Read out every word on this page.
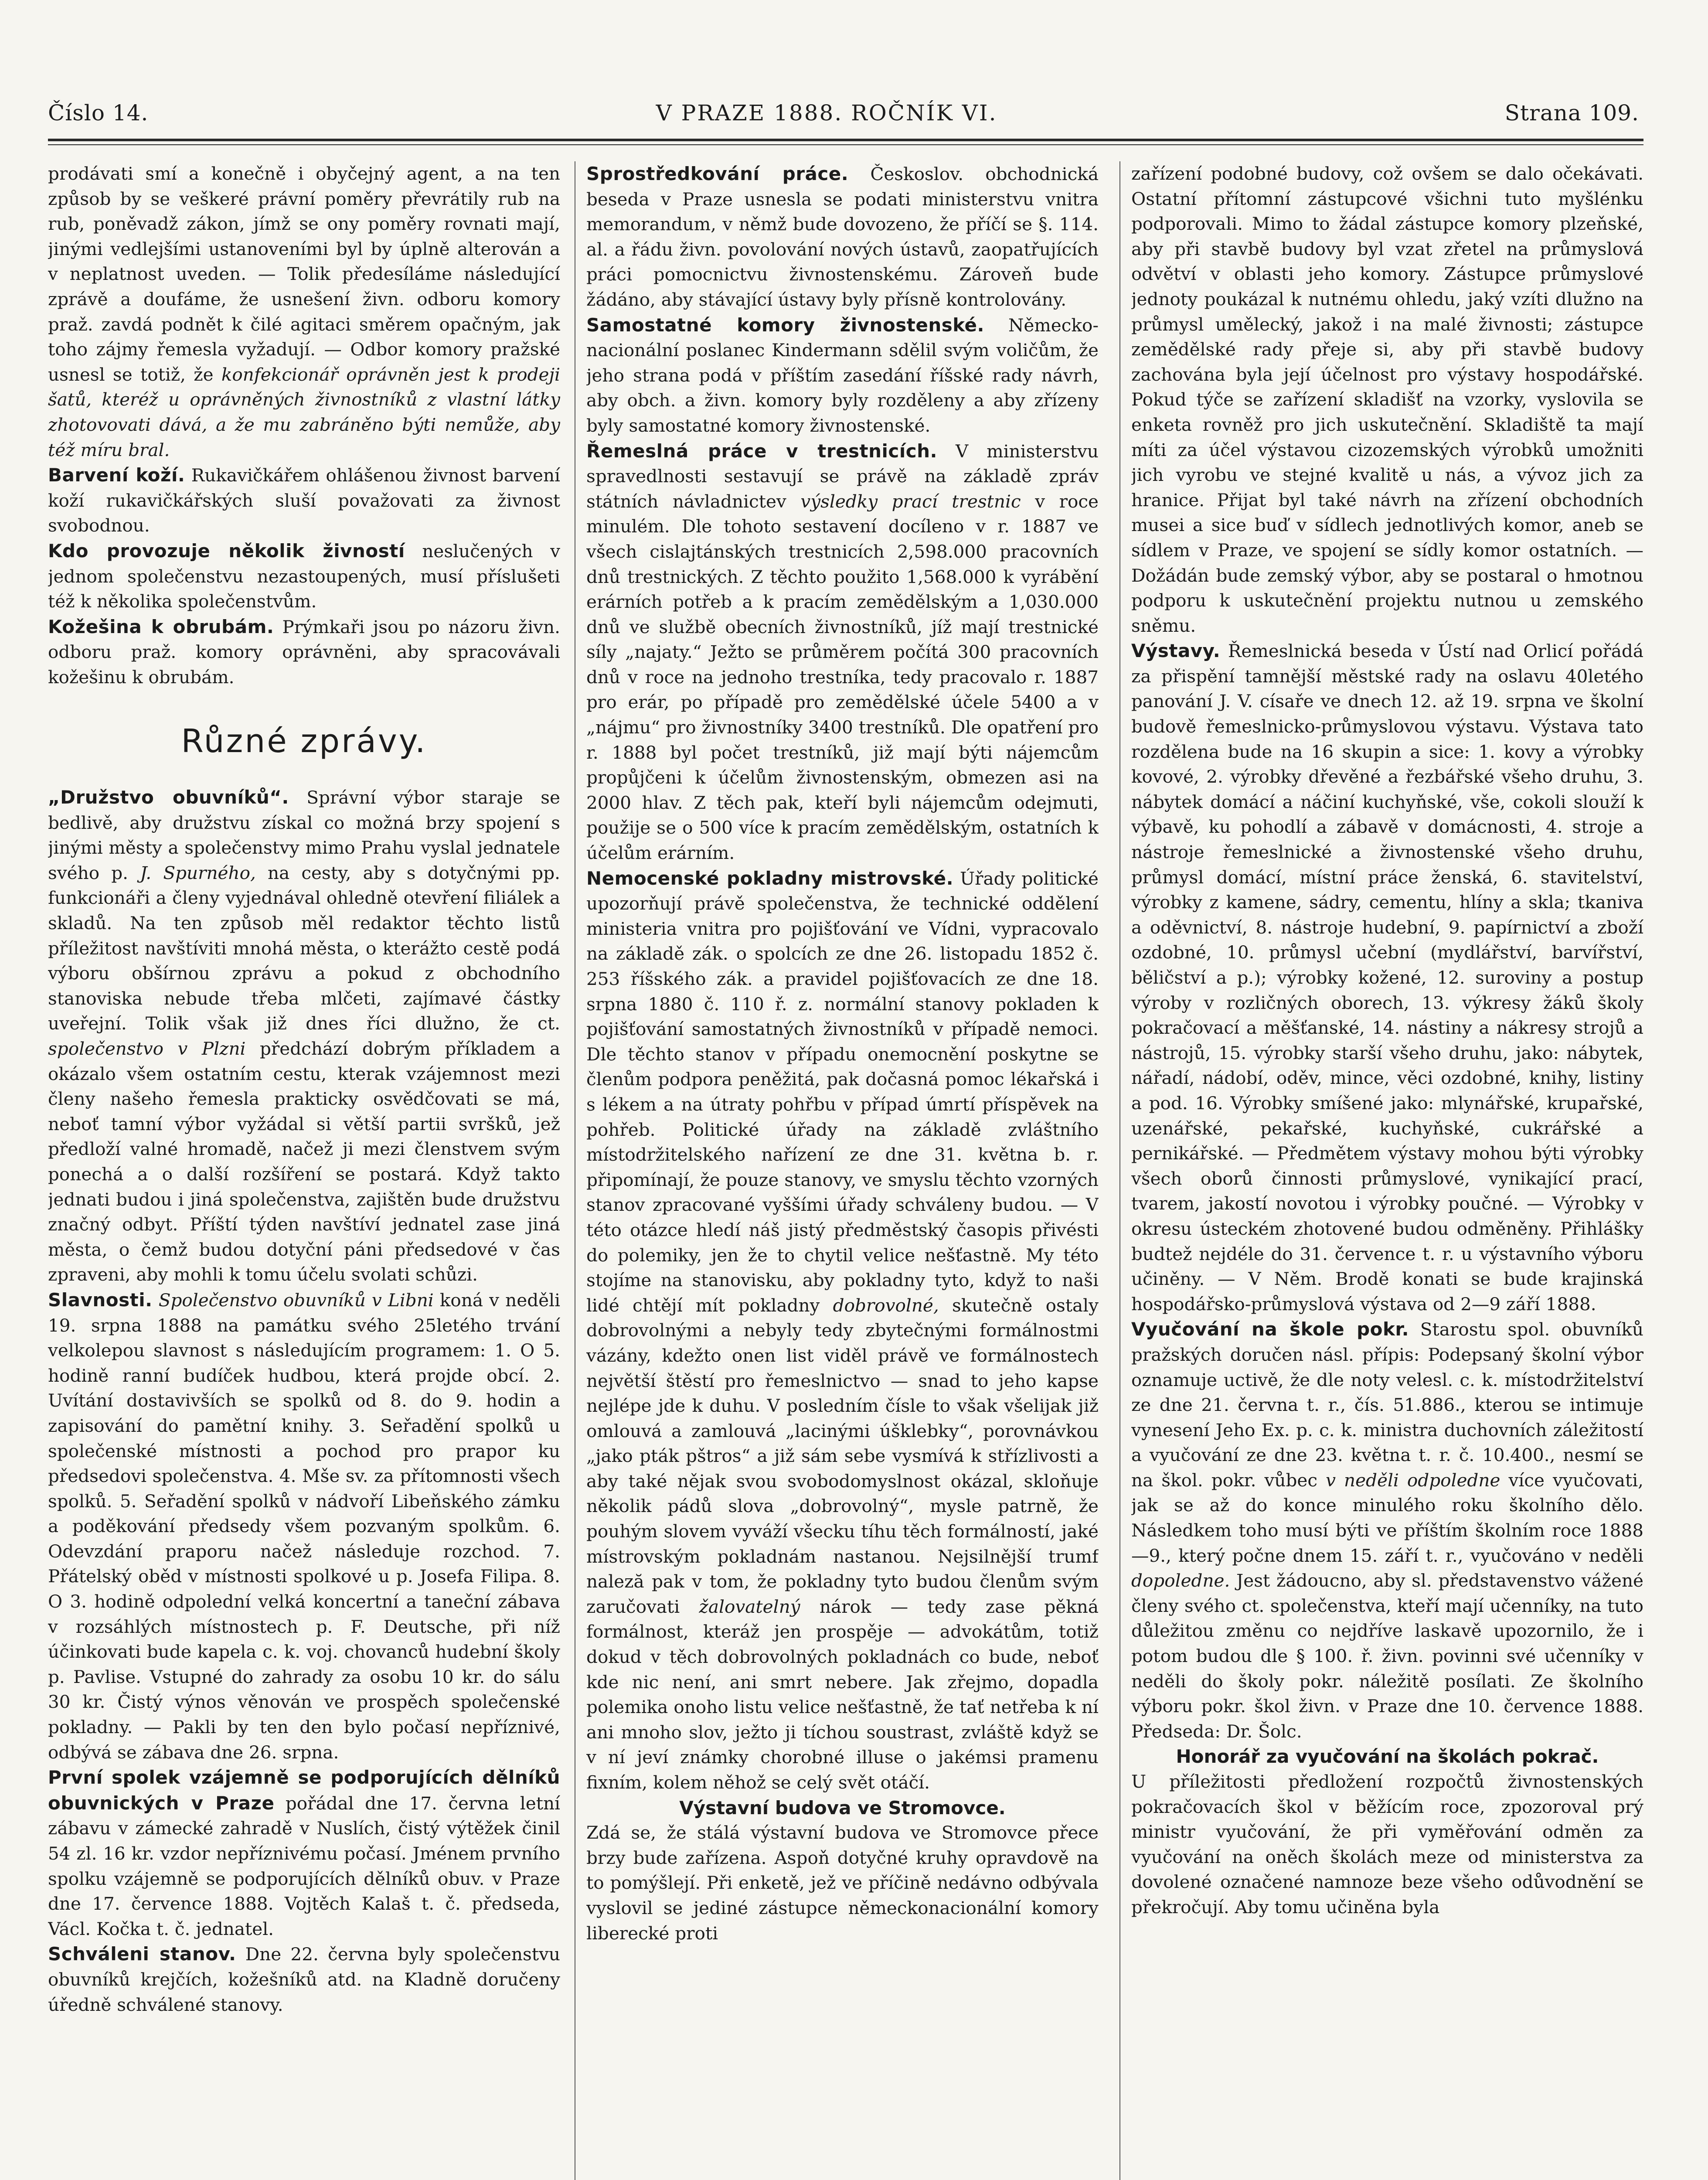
Číslo 14.	V PRAZE 1888. ROČNÍK VI.	Strana 109.

prodávati smí a konečně i obyčejný agent, a na ten způsob by se veškeré právní poměry převrátily rub na rub, poněvadž zákon, jímž se ony poměry rovnati mají, jinými vedlejšími ustanoveními byl by úplně alterován a v neplatnost uveden. — Tolik předesíláme následující zprávě a doufáme, že usnešení živn. odboru komory praž. zavdá podnět k čilé agitaci směrem opačným, jak toho zájmy řemesla vyžadují. — Odbor komory pražské usnesl se totiž, že konfekcionář oprávněn jest k prodeji šatů, kteréž u oprávněných živnostníků z vlastní látky zhotovovati dává, a že mu zabráněno býti nemůže, aby též míru bral.

Barvení koží. Rukavičkářem ohlášenou živnost barvení koží rukavičkářských sluší považovati za živnost svobodnou.

Kdo provozuje několik živností neslučených v jednom společenstvu nezastoupených, musí příslušeti též k několika společenstvům.

Kožešina k obrubám. Prýmkaři jsou po názoru živn. odboru praž. komory oprávněni, aby spracovávali kožešinu k obrubám.

Různé zprávy.

„Družstvo obuvníků“. Správní výbor staraje se bedlivě, aby družstvu získal co možná brzy spojení s jinými městy a společenstvy mimo Prahu vyslal jednatele svého p. J. Spurného, na cesty, aby s dotyčnými pp. funkcionáři a členy vyjednával ohledně otevření filiálek a skladů. Na ten způsob měl redaktor těchto listů příležitost navštíviti mnohá města, o kterážto cestě podá výboru obšírnou zprávu a pokud z obchodního stanoviska nebude třeba mlčeti, zajímavé částky uveřejní. Tolik však již dnes říci dlužno, že ct. společenstvo v Plzni předchází dobrým příkladem a okázalo všem ostatním cestu, kterak vzájemnost mezi členy našeho řemesla prakticky osvědčovati se má, neboť tamní výbor vyžádal si větší partii svršků, jež předloží valné hromadě, načež ji mezi členstvem svým ponechá a o další rozšíření se postará. Když takto jednati budou i jiná společenstva, zajištěn bude družstvu značný odbyt. Příští týden navštíví jednatel zase jiná města, o čemž budou dotyční páni předsedové v čas zpraveni, aby mohli k tomu účelu svolati schůzi.

Slavnosti. Společenstvo obuvníků v Libni koná v neděli 19. srpna 1888 na památku svého 25letého trvání velkolepou slavnost s následujícím programem: 1. O 5. hodině ranní budíček hudbou, která projde obcí. 2. Uvítání dostavivších se spolků od 8. do 9. hodin a zapisování do pamětní knihy. 3. Seřadění spolků u společenské místnosti a pochod pro prapor ku předsedovi společenstva. 4. Mše sv. za přítomnosti všech spolků. 5. Seřadění spolků v nádvoří Libeňského zámku a poděkování předsedy všem pozvaným spolkům. 6. Odevzdání praporu načež následuje rozchod. 7. Přátelský oběd v místnosti spolkové u p. Josefa Filipa. 8. O 3. hodině odpolední velká koncertní a taneční zábava v rozsáhlých místnostech p. F. Deutsche, při níž účinkovati bude kapela c. k. voj. chovanců hudební školy p. Pavlise. Vstupné do zahrady za osobu 10 kr. do sálu 30 kr. Čistý výnos věnován ve prospěch společenské pokladny. — Pakli by ten den bylo počasí nepříznivé, odbývá se zábava dne 26. srpna.

První spolek vzájemně se podporujících dělníků obuvnických v Praze pořádal dne 17. června letní zábavu v zámecké zahradě v Nuslích, čistý výtěžek činil 54 zl. 16 kr. vzdor nepříznivému počasí. Jménem prvního spolku vzájemně se podporujících dělníků obuv. v Praze dne 17. července 1888. Vojtěch Kalaš t. č. předseda, Václ. Kočka t. č. jednatel.

Schváleni stanov. Dne 22. června byly společenstvu obuvníků krejčích, kožešníků atd. na Kladně doručeny úředně schválené stanovy.

Sprostředkování práce. Českoslov. obchodnická beseda v Praze usnesla se podati ministerstvu vnitra memorandum, v němž bude dovozeno, že příčí se §. 114. al. a řádu živn. povolování nových ústavů, zaopatřujících práci pomocnictvu živnostenskému. Zároveň bude žádáno, aby stávající ústavy byly přísně kontrolovány.

Samostatné komory živnostenské. Německo-nacionální poslanec Kindermann sdělil svým voličům, že jeho strana podá v příštím zasedání říšské rady návrh, aby obch. a živn. komory byly rozděleny a aby zřízeny byly samostatné komory živnostenské.

Řemeslná práce v trestnicích. V ministerstvu spravedlnosti sestavují se právě na základě zpráv státních návladnictev výsledky prací trestnic v roce minulém. Dle tohoto sestavení docíleno v r. 1887 ve všech cislajtánských trestnicích 2,598.000 pracovních dnů trestnických. Z těchto použito 1,568.000 k vyrábění erárních potřeb a k pracím zemědělským a 1,030.000 dnů ve službě obecních živnostníků, jíž mají trestnické síly „najaty.“ Ježto se průměrem počítá 300 pracovních dnů v roce na jednoho trestníka, tedy pracovalo r. 1887 pro erár, po případě pro zemědělské účele 5400 a v „nájmu“ pro živnostníky 3400 trestníků. Dle opatření pro r. 1888 byl počet trestníků, již mají býti nájemcům propůjčeni k účelům živnostenským, obmezen asi na 2000 hlav. Z těch pak, kteří byli nájemcům odejmuti, použije se o 500 více k pracím zemědělským, ostatních k účelům erárním.

Nemocenské pokladny mistrovské. Úřady politické upozorňují právě společenstva, že technické oddělení ministeria vnitra pro pojišťování ve Vídni, vypracovalo na základě zák. o spolcích ze dne 26. listopadu 1852 č. 253 říšského zák. a pravidel pojišťovacích ze dne 18. srpna 1880 č. 110 ř. z. normální stanovy pokladen k pojišťování samostatných živnostníků v případě nemoci. Dle těchto stanov v případu onemocnění poskytne se členům podpora peněžitá, pak dočasná pomoc lékařská i s lékem a na útraty pohřbu v případ úmrtí příspěvek na pohřeb. Politické úřady na základě zvláštního místodržitelského nařízení ze dne 31. května b. r. připomínají, že pouze stanovy, ve smyslu těchto vzorných stanov zpracované vyššími úřady schváleny budou. — V této otázce hledí náš jistý předměstský časopis přivésti do polemiky, jen že to chytil velice nešťastně. My této stojíme na stanovisku, aby pokladny tyto, když to naši lidé chtějí mít pokladny dobrovolné, skutečně ostaly dobrovolnými a nebyly tedy zbytečnými formálnostmi vázány, kdežto onen list viděl právě ve formálnostech největší štěstí pro řemeslnictvo — snad to jeho kapse nejlépe jde k duhu. V posledním čísle to však všelijak již omlouvá a zamlouvá „lacinými úšklebky“, porovnávkou „jako pták pštros“ a již sám sebe vysmívá k střízlivosti a aby také nějak svou svobodomyslnost okázal, skloňuje několik pádů slova „dobrovolný“, mysle patrně, že pouhým slovem vyváží všecku tíhu těch formálností, jaké místrovským pokladnám nastanou. Nejsilnější trumf naleză pak v tom, že pokladny tyto budou členům svým zaručovati žalovatelný nárok — tedy zase pěkná formálnost, kteráž jen prospěje — advokátům, totiž dokud v těch dobrovolných pokladnách co bude, neboť kde nic není, ani smrt nebere. Jak zřejmo, dopadla polemika onoho listu velice nešťastně, že tať netřeba k ní ani mnoho slov, ježto ji tíchou soustrast, zvláště když se v ní jeví známky chorobné illuse o jakémsi pramenu fixním, kolem něhož se celý svět otáčí.

Výstavní budova ve Stromovce.
Zdá se, že stálá výstavní budova ve Stromovce přece brzy bude zařízena. Aspoň dotyčné kruhy opravdově na to pomýšlejí. Při enketě, jež ve příčině nedávno odbývala vyslovil se jediné zástupce německonacionální komory liberecké proti

zařízení podobné budovy, což ovšem se dalo očekávati. Ostatní přítomní zástupcové všichni tuto myšlénku podporovali. Mimo to žádal zástupce komory plzeňské, aby při stavbě budovy byl vzat zřetel na průmyslová odvětví v oblasti jeho komory. Zástupce průmyslové jednoty poukázal k nutnému ohledu, jaký vzíti dlužno na průmysl umělecký, jakož i na malé živnosti; zástupce zemědělské rady přeje si, aby při stavbě budovy zachována byla její účelnost pro výstavy hospodářské. Pokud týče se zařízení skladišť na vzorky, vyslovila se enketa rovněž pro jich uskutečnění. Skladiště ta mají míti za účel výstavou cizozemských výrobků umožniti jich vyrobu ve stejné kvalitě u nás, a vývoz jich za hranice. Přijat byl také návrh na zřízení obchodních musei a sice buď v sídlech jednotlivých komor, aneb se sídlem v Praze, ve spojení se sídly komor ostatních. — Dožádán bude zemský výbor, aby se postaral o hmotnou podporu k uskutečnění projektu nutnou u zemského sněmu.

Výstavy. Řemeslnická beseda v Ústí nad Orlicí pořádá za přispění tamnější městské rady na oslavu 40letého panování J. V. císaře ve dnech 12. až 19. srpna ve školní budově řemeslnicko-průmyslovou výstavu. Výstava tato rozdělena bude na 16 skupin a sice: 1. kovy a výrobky kovové, 2. výrobky dřevěné a řezbářské všeho druhu, 3. nábytek domácí a náčiní kuchyňské, vše, cokoli slouží k výbavě, ku pohodlí a zábavě v domácnosti, 4. stroje a nástroje řemeslnické a živnostenské všeho druhu, průmysl domácí, místní práce ženská, 6. stavitelství, výrobky z kamene, sádry, cementu, hlíny a skla; tkaniva a oděvnictví, 8. nástroje hudební, 9. papírnictví a zboží ozdobné, 10. průmysl učební (mydlářství, barvířství, běličství a p.); výrobky kožené, 12. suroviny a postup výroby v rozličných oborech, 13. výkresy žáků školy pokračovací a měšťanské, 14. nástiny a nákresy strojů a nástrojů, 15. výrobky starší všeho druhu, jako: nábytek, nářadí, nádobí, oděv, mince, věci ozdobné, knihy, listiny a pod. 16. Výrobky smíšené jako: mlynářské, krupařské, uzenářské, pekařské, kuchyňské, cukrářské a pernikářské. — Předmětem výstavy mohou býti výrobky všech oborů činnosti průmyslové, vynikající prací, tvarem, jakostí novotou i výrobky poučné. — Výrobky v okresu ústeckém zhotovené budou odměněny. Přihlášky budtež nejdéle do 31. července t. r. u výstavního výboru učiněny. — V Něm. Brodě konati se bude krajinská hospodářsko-průmyslová výstava od 2—9 září 1888.

Vyučování na škole pokr. Starostu spol. obuvníků pražských doručen násl. přípis: Podepsaný školní výbor oznamuje uctivě, že dle noty velesl. c. k. místodržitelství ze dne 21. června t. r., čís. 51.886., kterou se intimuje vynesení Jeho Ex. p. c. k. ministra duchovních záležitostí a vyučování ze dne 23. května t. r. č. 10.400., nesmí se na škol. pokr. vůbec v neděli odpoledne více vyučovati, jak se až do konce minulého roku školního dělo. Následkem toho musí býti ve příštím školním roce 1888—9., který počne dnem 15. září t. r., vyučováno v neděli dopoledne. Jest žádoucno, aby sl. představenstvo vážené členy svého ct. společenstva, kteří mají učenníky, na tuto důležitou změnu co nejdříve laskavě upozornilo, že i potom budou dle § 100. ř. živn. povinni své učenníky v neděli do školy pokr. náležitě posílati. Ze školního výboru pokr. škol živn. v Praze dne 10. července 1888. Předseda: Dr. Šolc.

Honorář za vyučování na školách pokrač.
U příležitosti předložení rozpočtů živnostenských pokračovacích škol v běžícím roce, zpozoroval prý ministr vyučování, že při vyměřování odměn za vyučování na oněch školách meze od ministerstva za dovolené označené namnoze beze všeho odůvodnění se překročují. Aby tomu učiněna byla
